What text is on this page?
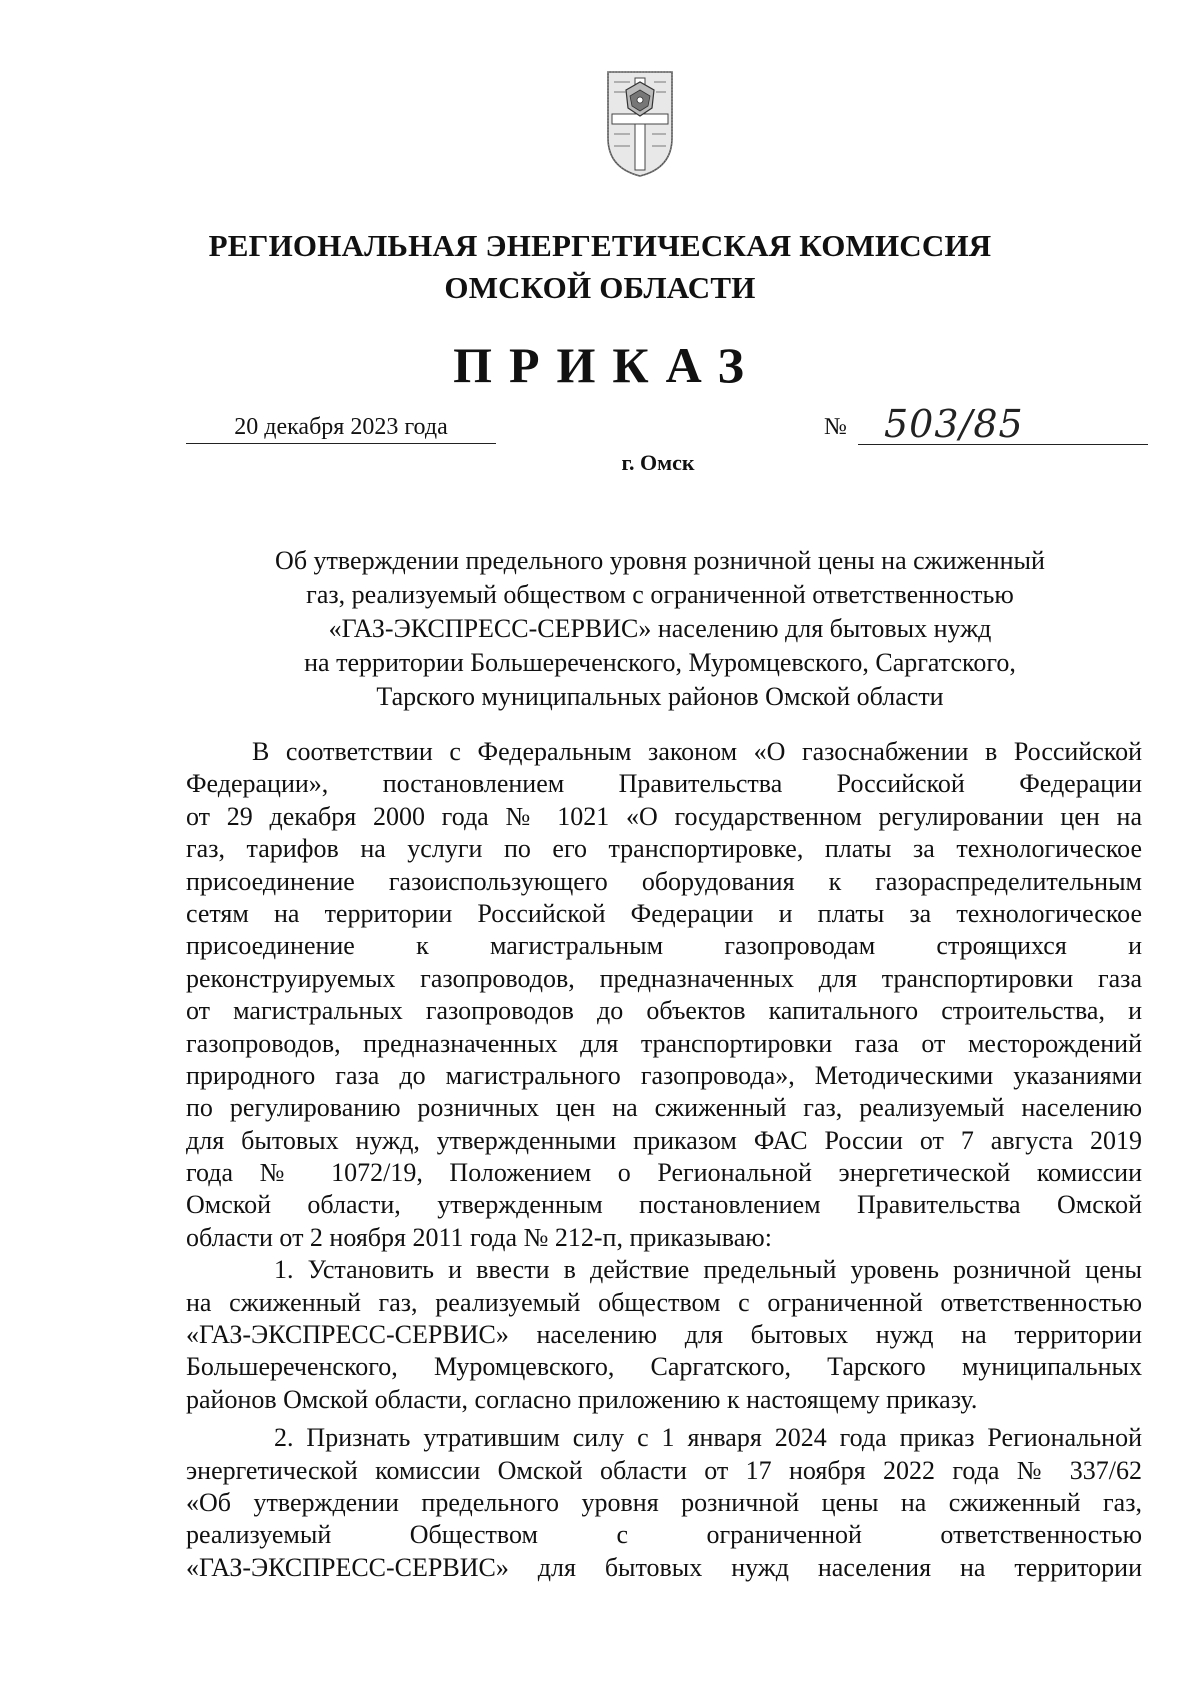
РЕГИОНАЛЬНАЯ ЭНЕРГЕТИЧЕСКАЯ КОМИССИЯ
ОМСКОЙ ОБЛАСТИ
ПРИКАЗ
20 декабря 2023 года	№ 503/85
г. Омск
Об утверждении предельного уровня розничной цены на сжиженный
газ, реализуемый обществом с ограниченной ответственностью
«ГАЗ-ЭКСПРЕСС-СЕРВИС» населению для бытовых нужд
на территории Большереченского, Муромцевского, Саргатского,
Тарского муниципальных районов Омской области
В соответствии с Федеральным законом «О газоснабжении в Российской
Федерации», постановлением Правительства Российской Федерации
от 29 декабря 2000 года № 1021 «О государственном регулировании цен на
газ, тарифов на услуги по его транспортировке, платы за технологическое
присоединение газоиспользующего оборудования к газораспределительным
сетям на территории Российской Федерации и платы за технологическое
присоединение к магистральным газопроводам строящихся и
реконструируемых газопроводов, предназначенных для транспортировки газа
от магистральных газопроводов до объектов капитального строительства, и
газопроводов, предназначенных для транспортировки газа от месторождений
природного газа до магистрального газопровода», Методическими указаниями
по регулированию розничных цен на сжиженный газ, реализуемый населению
для бытовых нужд, утвержденными приказом ФАС России от 7 августа 2019
года № 1072/19, Положением о Региональной энергетической комиссии
Омской области, утвержденным постановлением Правительства Омской
области от 2 ноября 2011 года № 212-п, приказываю:
1. Установить и ввести в действие предельный уровень розничной цены
на сжиженный газ, реализуемый обществом с ограниченной ответственностью
«ГАЗ-ЭКСПРЕСС-СЕРВИС» населению для бытовых нужд на территории
Большереченского, Муромцевского, Саргатского, Тарского муниципальных
районов Омской области, согласно приложению к настоящему приказу.
2. Признать утратившим силу с 1 января 2024 года приказ Региональной
энергетической комиссии Омской области от 17 ноября 2022 года № 337/62
«Об утверждении предельного уровня розничной цены на сжиженный газ,
реализуемый Обществом с ограниченной ответственностью
«ГАЗ-ЭКСПРЕСС-СЕРВИС» для бытовых нужд населения на территории
